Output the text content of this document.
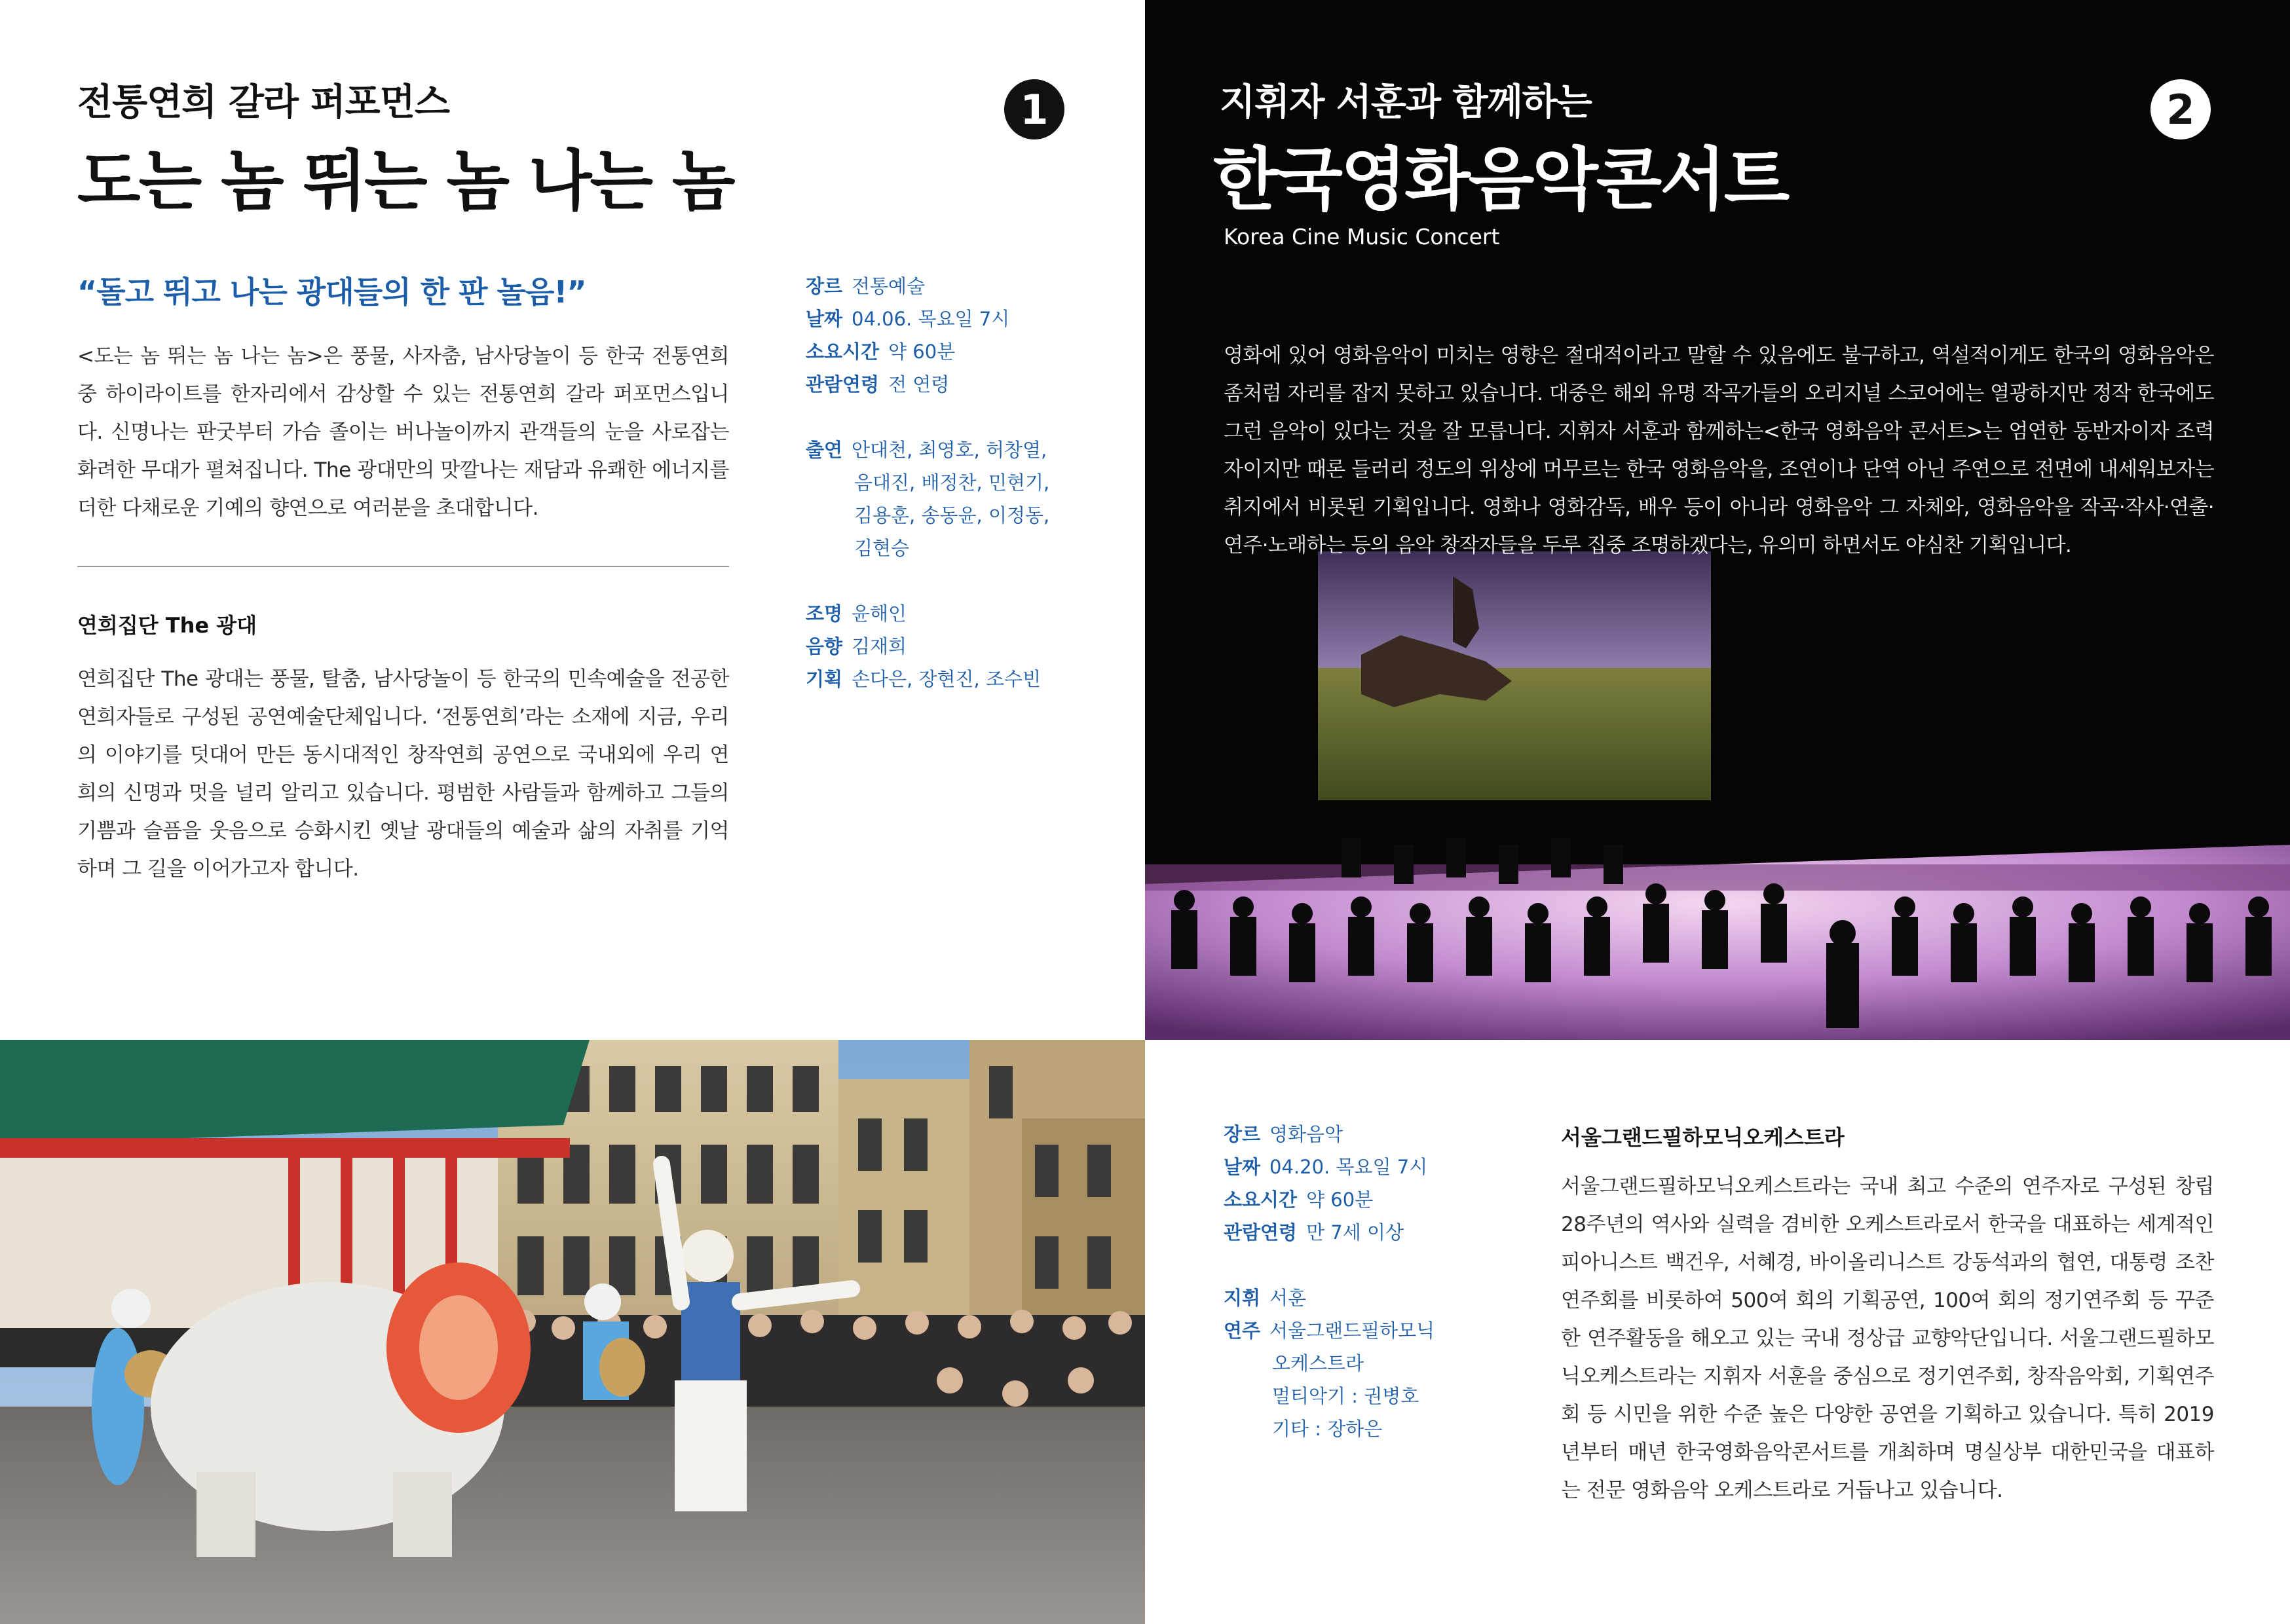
전통연희 갈라 퍼포먼스
도는 놈 뛰는 놈 나는 놈
1
“돌고 뛰고 나는 광대들의 한 판 놀음!”

<도는 놈 뛰는 놈 나는 놈>은 풍물, 사자춤, 남사당놀이 등 한국 전통연희 중 하이라이트를 한자리에서 감상할 수 있는 전통연희 갈라 퍼포먼스입니다. 신명나는 판굿부터 가슴 졸이는 버나놀이까지 관객들의 눈을 사로잡는 화려한 무대가 펼쳐집니다. The 광대만의 맛깔나는 재담과 유쾌한 에너지를 더한 다채로운 기예의 향연으로 여러분을 초대합니다.

연희집단 The 광대

연희집단 The 광대는 풍물, 탈춤, 남사당놀이 등 한국의 민속예술을 전공한 연희자들로 구성된 공연예술단체입니다. ‘전통연희’라는 소재에 지금, 우리의 이야기를 덧대어 만든 동시대적인 창작연희 공연으로 국내외에 우리 연희의 신명과 멋을 널리 알리고 있습니다. 평범한 사람들과 함께하고 그들의 기쁨과 슬픔을 웃음으로 승화시킨 옛날 광대들의 예술과 삶의 자취를 기억하며 그 길을 이어가고자 합니다.

장르 전통예술
날짜 04.06. 목요일 7시
소요시간 약 60분
관람연령 전 연령
출연 안대천, 최영호, 허창열,
음대진, 배정찬, 민현기,
김용훈, 송동윤, 이정동,
김현승
조명 윤해인
음향 김재희
기획 손다은, 장현진, 조수빈
지휘자 서훈과 함께하는
한국영화음악콘서트
Korea Cine Music Concert
2

영화에 있어 영화음악이 미치는 영향은 절대적이라고 말할 수 있음에도 불구하고, 역설적이게도 한국의 영화음악은 좀처럼 자리를 잡지 못하고 있습니다. 대중은 해외 유명 작곡가들의 오리지널 스코어에는 열광하지만 정작 한국에도 그런 음악이 있다는 것을 잘 모릅니다. 지휘자 서훈과 함께하는<한국 영화음악 콘서트>는 엄연한 동반자이자 조력자이지만 때론 들러리 정도의 위상에 머무르는 한국 영화음악을, 조연이나 단역 아닌 주연으로 전면에 내세워보자는 취지에서 비롯된 기획입니다. 영화나 영화감독, 배우 등이 아니라 영화음악 그 자체와, 영화음악을 작곡·작사·연출·연주·노래하는 등의 음악 창작자들을 두루 집중 조명하겠다는, 유의미 하면서도 야심찬 기획입니다.

장르 영화음악
날짜 04.20. 목요일 7시
소요시간 약 60분
관람연령 만 7세 이상
지휘 서훈
연주 서울그랜드필하모닉
오케스트라
멀티악기 : 권병호
기타 : 장하은
서울그랜드필하모닉오케스트라

서울그랜드필하모닉오케스트라는 국내 최고 수준의 연주자로 구성된 창립 28주년의 역사와 실력을 겸비한 오케스트라로서 한국을 대표하는 세계적인 피아니스트 백건우, 서혜경, 바이올리니스트 강동석과의 협연, 대통령 조찬 연주회를 비롯하여 500여 회의 기획공연, 100여 회의 정기연주회 등 꾸준한 연주활동을 해오고 있는 국내 정상급 교향악단입니다. 서울그랜드필하모닉오케스트라는 지휘자 서훈을 중심으로 정기연주회, 창작음악회, 기획연주회 등 시민을 위한 수준 높은 다양한 공연을 기획하고 있습니다. 특히 2019년부터 매년 한국영화음악콘서트를 개최하며 명실상부 대한민국을 대표하는 전문 영화음악 오케스트라로 거듭나고 있습니다.
